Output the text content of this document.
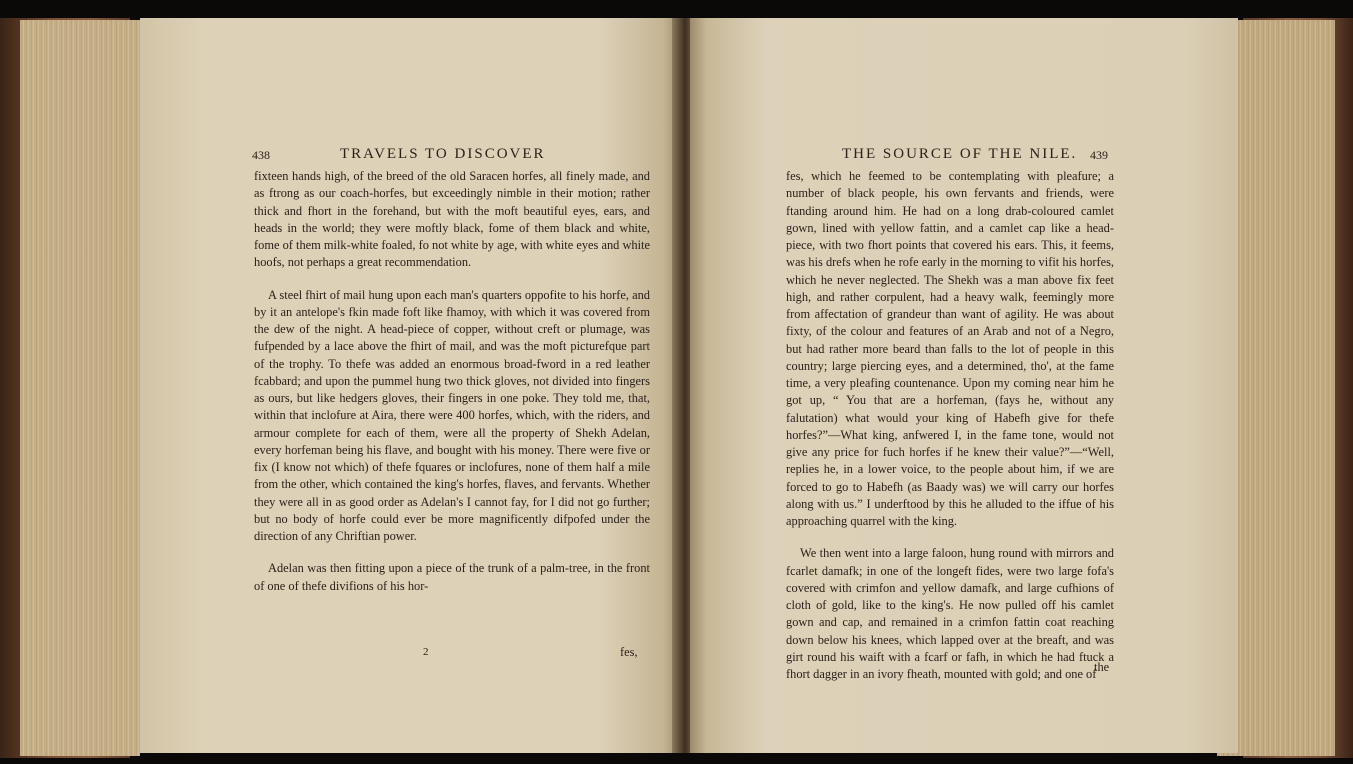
438	TRAVELS TO DISCOVER

fixteen hands high, of the breed of the old Saracen horfes, all finely made, and as ftrong as our coach-horfes, but exceedingly nimble in their motion; rather thick and fhort in the forehand, but with the moft beautiful eyes, ears, and heads in the world; they were moftly black, fome of them black and white, fome of them milk-white foaled, fo not white by age, with white eyes and white hoofs, not perhaps a great recommendation.

A steel fhirt of mail hung upon each man's quarters oppofite to his horfe, and by it an antelope's fkin made foft like fhamoy, with which it was covered from the dew of the night. A head-piece of copper, without creft or plumage, was fufpended by a lace above the fhirt of mail, and was the moft picturefque part of the trophy. To thefe was added an enormous broad-fword in a red leather fcabbard; and upon the pummel hung two thick gloves, not divided into fingers as ours, but like hedgers gloves, their fingers in one poke. They told me, that, within that inclofure at Aira, there were 400 horfes, which, with the riders, and armour complete for each of them, were all the property of Shekh Adelan, every horfeman being his flave, and bought with his money. There were five or fix (I know not which) of thefe fquares or inclofures, none of them half a mile from the other, which contained the king's horfes, flaves, and fervants. Whether they were all in as good order as Adelan's I cannot fay, for I did not go further; but no body of horfe could ever be more magnificently difpofed under the direction of any Chriftian power.

Adelan was then fitting upon a piece of the trunk of a palm-tree, in the front of one of thefe divifions of his hor-

2	fes,
THE SOURCE OF THE NILE. 439

fes, which he feemed to be contemplating with pleafure; a number of black people, his own fervants and friends, were ftanding around him. He had on a long drab-coloured camlet gown, lined with yellow fattin, and a camlet cap like a head-piece, with two fhort points that covered his ears. This, it feems, was his drefs when he rofe early in the morning to vifit his horfes, which he never neglected. The Shekh was a man above fix feet high, and rather corpulent, had a heavy walk, feemingly more from affectation of grandeur than want of agility. He was about fixty, of the colour and features of an Arab and not of a Negro, but had rather more beard than falls to the lot of people in this country; large piercing eyes, and a determined, tho', at the fame time, a very pleafing countenance. Upon my coming near him he got up, “ You that are a horfeman, (fays he, without any falutation) what would your king of Habefh give for thefe horfes?”—What king, anfwered I, in the fame tone, would not give any price for fuch horfes if he knew their value?”—“Well, replies he, in a lower voice, to the people about him, if we are forced to go to Habefh (as Baady was) we will carry our horfes along with us.” I underftood by this he alluded to the iffue of his approaching quarrel with the king.

We then went into a large faloon, hung round with mirrors and fcarlet damafk; in one of the longeft fides, were two large fofa's covered with crimfon and yellow damafk, and large cufhions of cloth of gold, like to the king's. He now pulled off his camlet gown and cap, and remained in a crimfon fattin coat reaching down below his knees, which lapped over at the breaft, and was girt round his waift with a fcarf or fafh, in which he had ftuck a fhort dagger in an ivory fheath, mounted with gold; and one of

the
